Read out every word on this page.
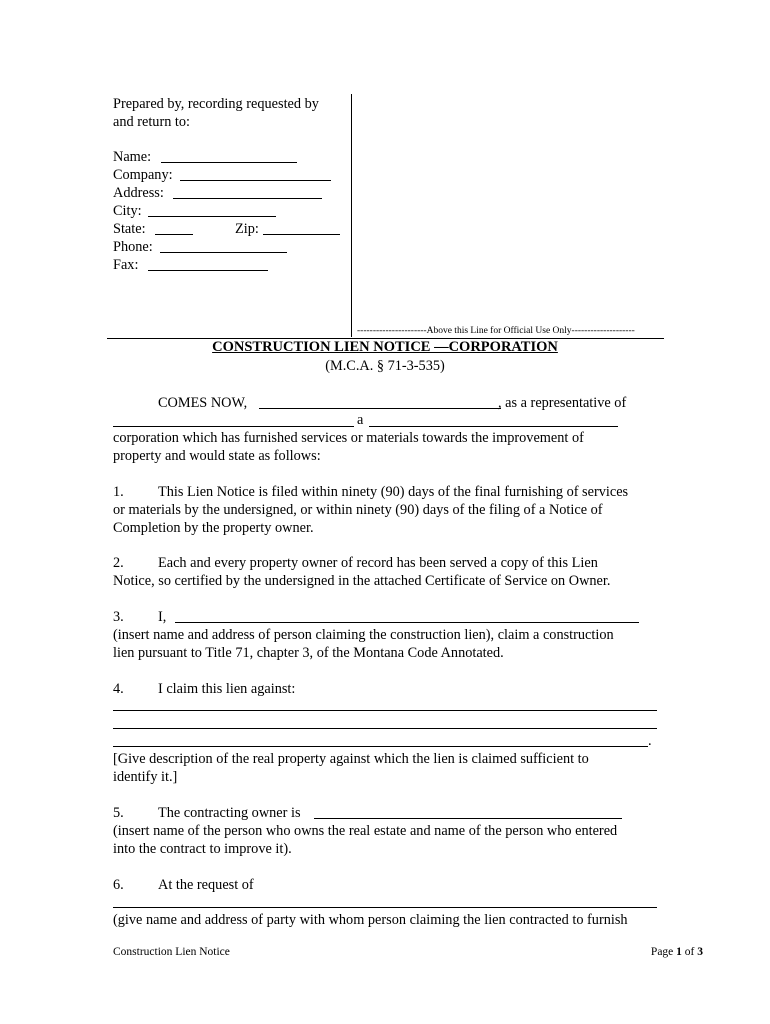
Prepared by, recording requested by
and return to:
Name:
Company:
Address:
City:
State:	Zip:
Phone:
Fax:
----------------------Above this Line for Official Use Only--------------------
CONSTRUCTION LIEN NOTICE —CORPORATION
(M.C.A. § 71-3-535)
COMES NOW,	, as a representative of
a
corporation which has furnished services or materials towards the improvement of
property and would state as follows:
1. This Lien Notice is filed within ninety (90) days of the final furnishing of services
or materials by the undersigned, or within ninety (90) days of the filing of a Notice of
Completion by the property owner.
2. Each and every property owner of record has been served a copy of this Lien
Notice, so certified by the undersigned in the attached Certificate of Service on Owner.
3. I,
(insert name and address of person claiming the construction lien), claim a construction
lien pursuant to Title 71, chapter 3, of the Montana Code Annotated.
4. I claim this lien against:
.
[Give description of the real property against which the lien is claimed sufficient to
identify it.]
5. The contracting owner is
(insert name of the person who owns the real estate and name of the person who entered
into the contract to improve it).
6. At the request of
(give name and address of party with whom person claiming the lien contracted to furnish
Construction Lien Notice	Page 1 of 3
